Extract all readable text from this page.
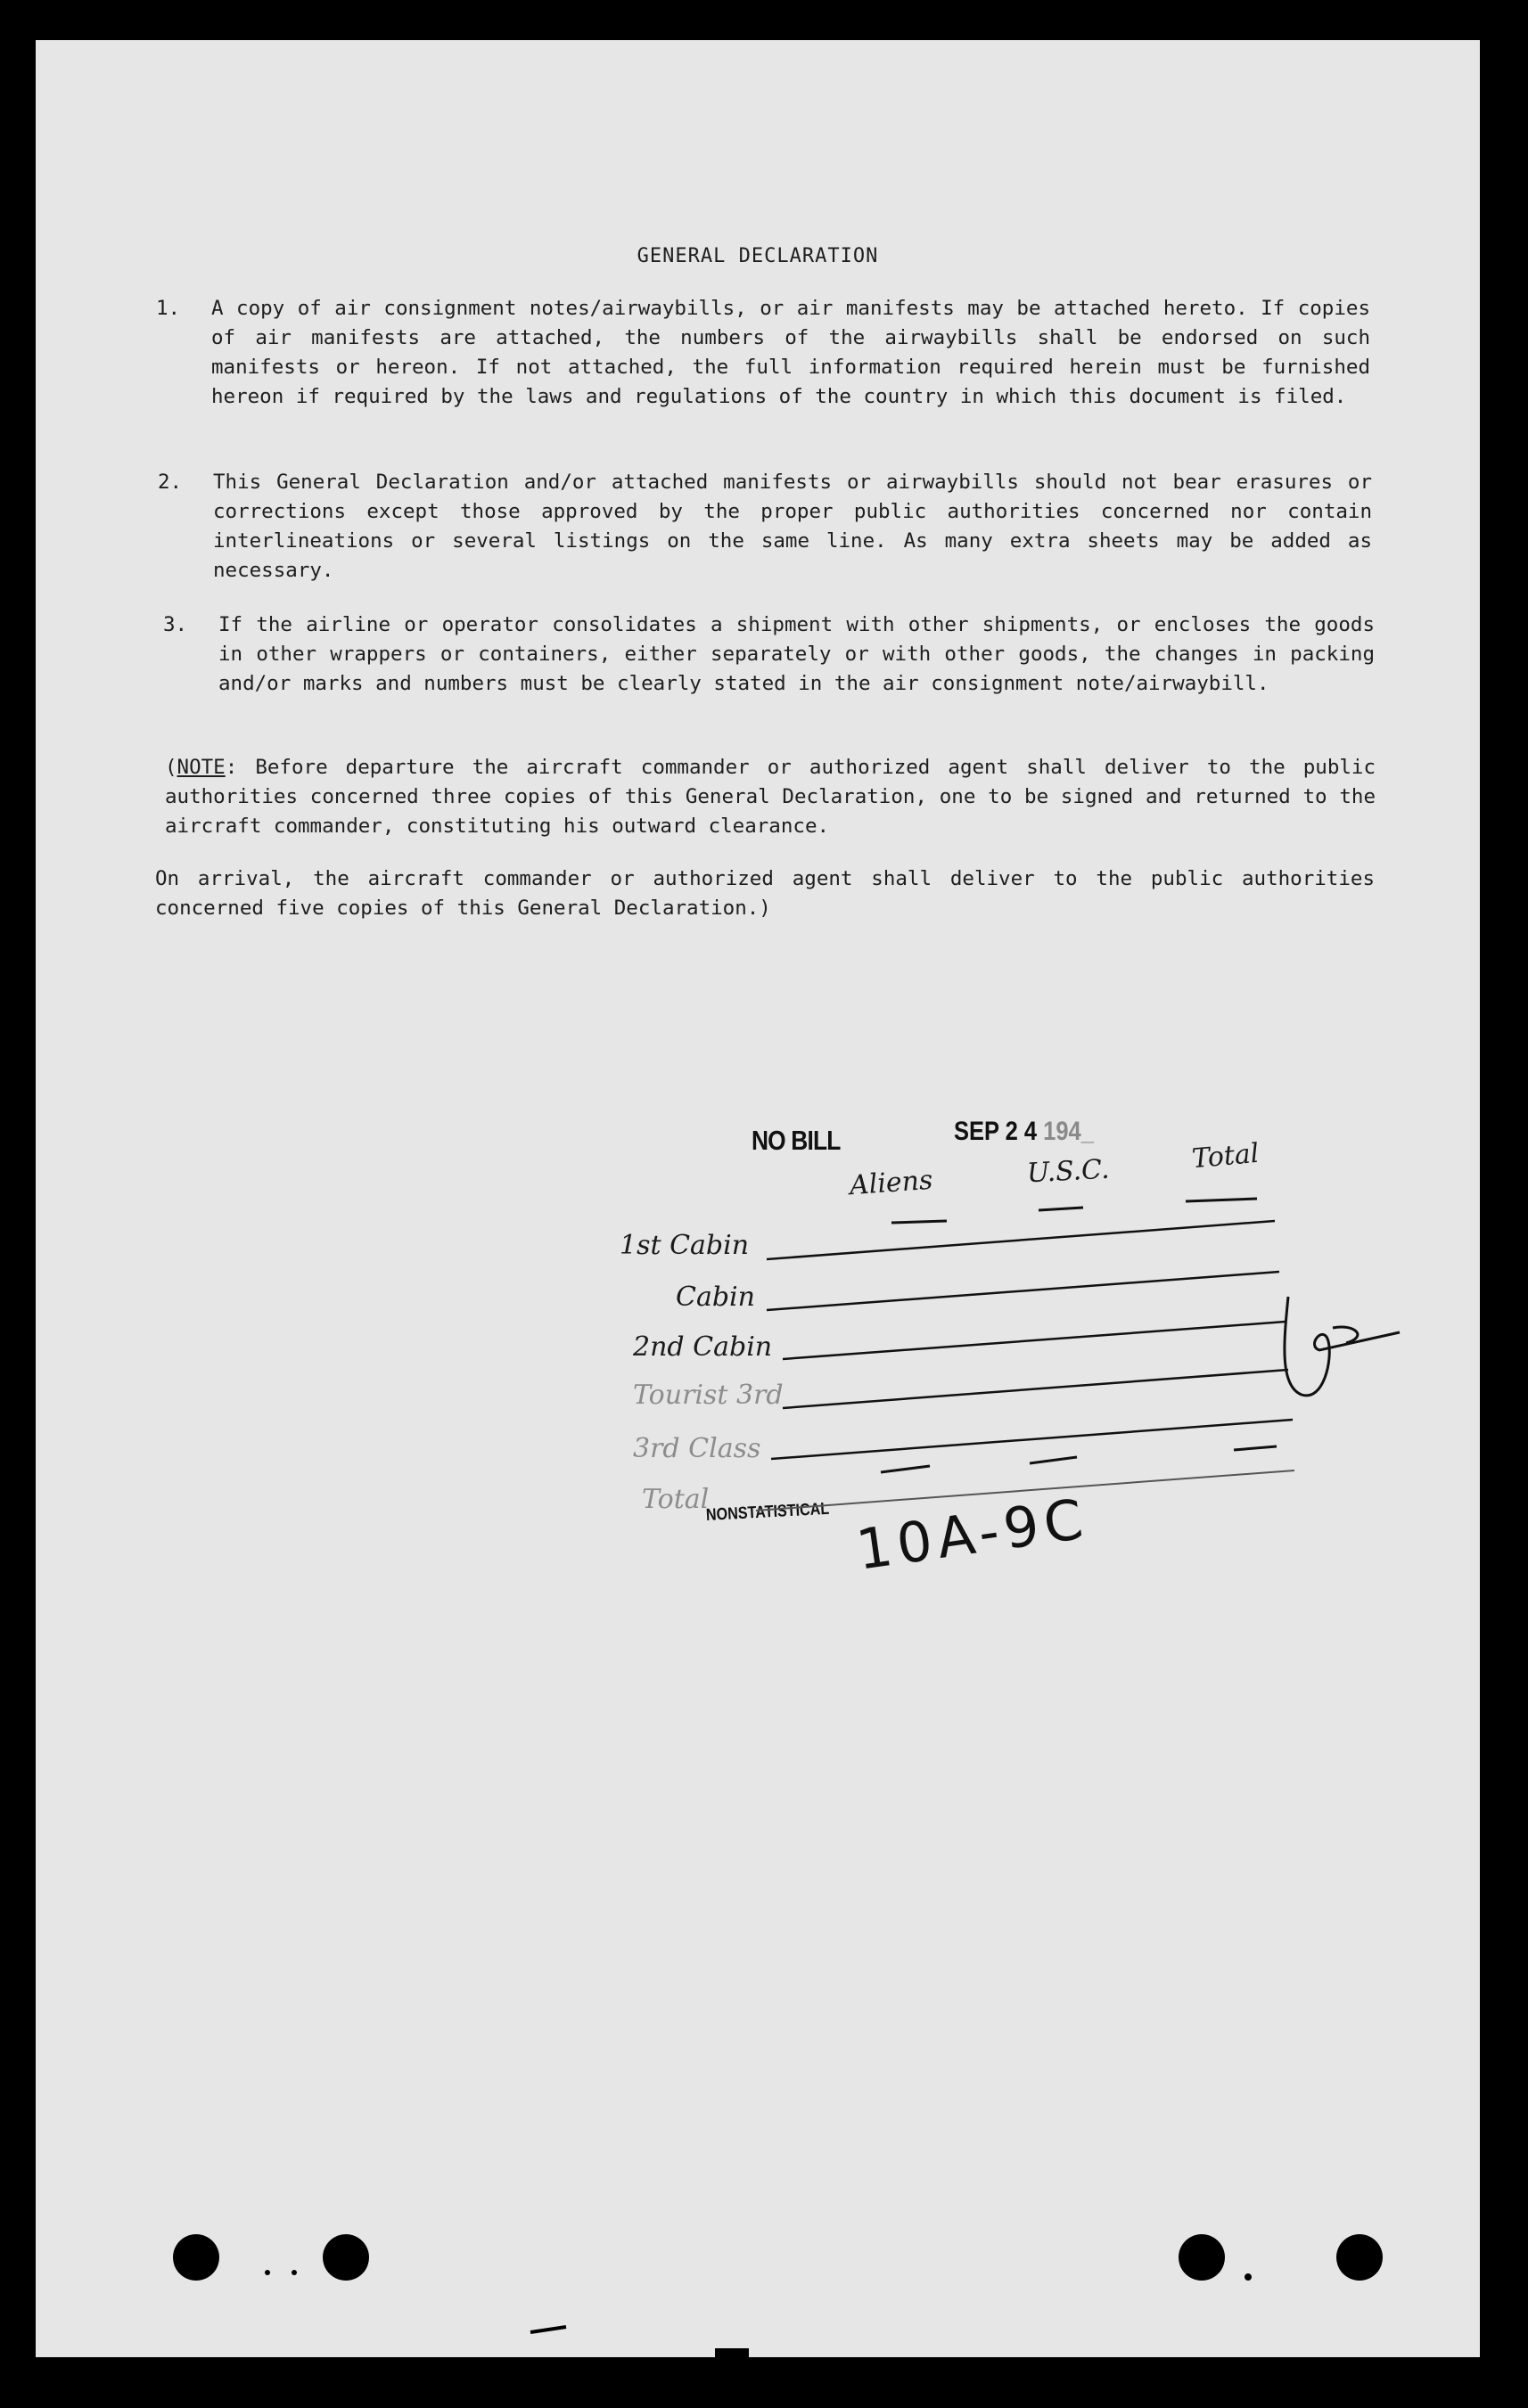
GENERAL DECLARATION
1. A copy of air consignment notes/airwaybills, or air manifests may be attached hereto. If copies of air manifests are attached, the numbers of the airwaybills shall be endorsed on such manifests or hereon. If not attached, the full information required herein must be furnished hereon if required by the laws and regulations of the country in which this document is filed.
2. This General Declaration and/or attached manifests or airwaybills should not bear erasures or corrections except those approved by the proper public authorities concerned nor contain interlineations or several listings on the same line. As many extra sheets may be added as necessary.
3. If the airline or operator consolidates a shipment with other shipments, or encloses the goods in other wrappers or containers, either separately or with other goods, the changes in packing and/or marks and numbers must be clearly stated in the air consignment note/airwaybill.
(NOTE: Before departure the aircraft commander or authorized agent shall deliver to the public authorities concerned three copies of this General Declaration, one to be signed and returned to the aircraft commander, constituting his outward clearance.
On arrival, the aircraft commander or authorized agent shall deliver to the public authorities concerned five copies of this General Declaration.)
NO BILL	SEP 2 4 194_
Aliens	U.S.C.	Total
1st Cabin
Cabin
2nd Cabin
Tourist 3rd
3rd Class
Total
NONSTATISTICAL 10A-9C
